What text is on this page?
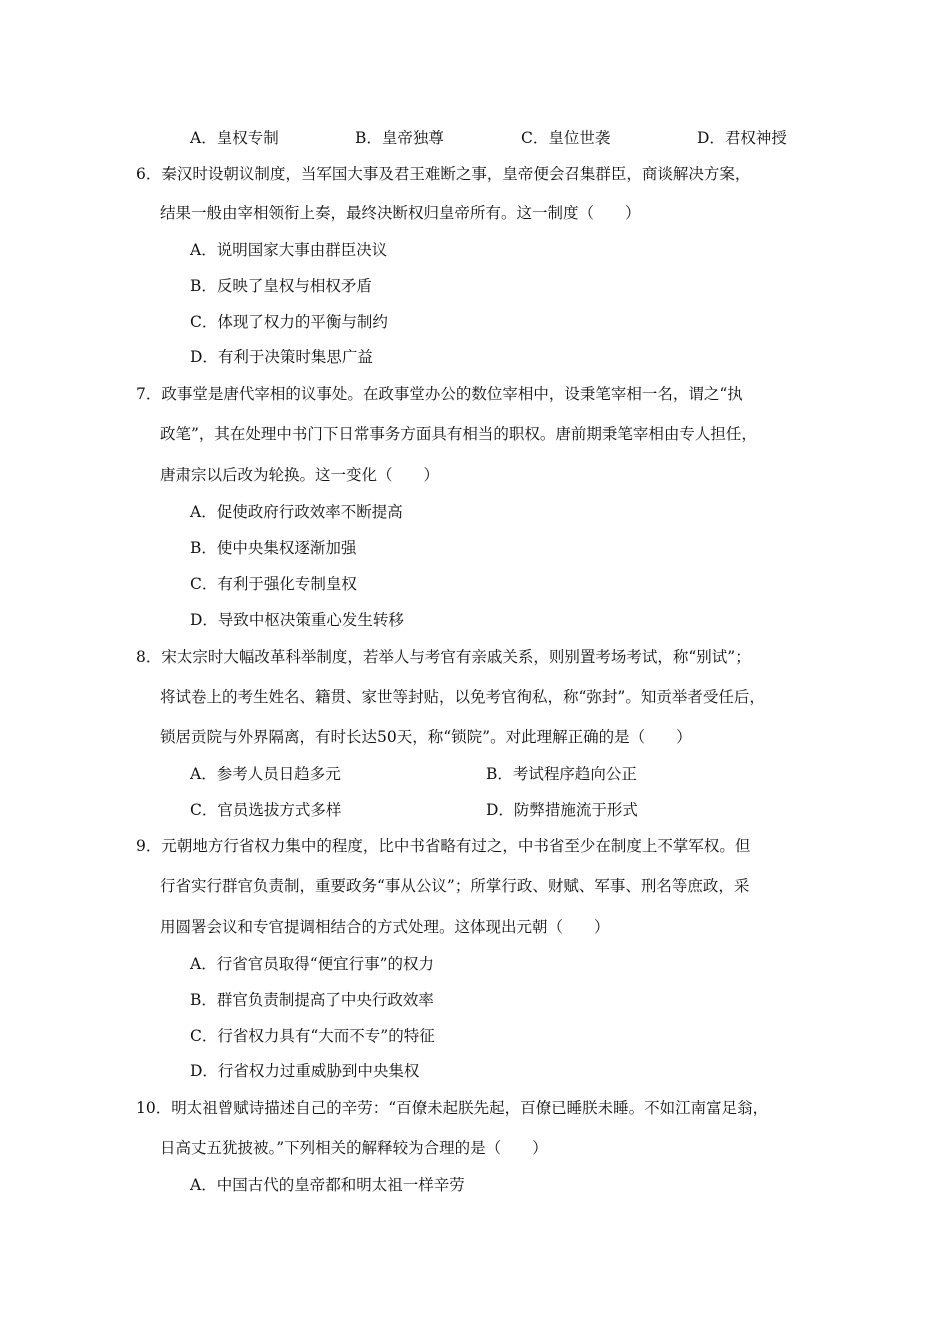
A．皇权专制	B．皇帝独尊	C．皇位世袭	D．君权神授
6．秦汉时设朝议制度，当军国大事及君王难断之事，皇帝便会召集群臣，商谈解决方案，
结果一般由宰相领衔上奏，最终决断权归皇帝所有。这一制度（　　）
A．说明国家大事由群臣决议
B．反映了皇权与相权矛盾
C．体现了权力的平衡与制约
D．有利于决策时集思广益
7．政事堂是唐代宰相的议事处。在政事堂办公的数位宰相中，设秉笔宰相一名，谓之“执
政笔”，其在处理中书门下日常事务方面具有相当的职权。唐前期秉笔宰相由专人担任，
唐肃宗以后改为轮换。这一变化（　　）
A．促使政府行政效率不断提高
B．使中央集权逐渐加强
C．有利于强化专制皇权
D．导致中枢决策重心发生转移
8．宋太宗时大幅改革科举制度，若举人与考官有亲戚关系，则别置考场考试，称“别试”；
将试卷上的考生姓名、籍贯、家世等封贴，以免考官徇私，称“弥封”。知贡举者受任后，
锁居贡院与外界隔离，有时长达50天，称“锁院”。对此理解正确的是（　　）
A．参考人员日趋多元	B．考试程序趋向公正
C．官员选拔方式多样	D．防弊措施流于形式
9．元朝地方行省权力集中的程度，比中书省略有过之，中书省至少在制度上不掌军权。但
行省实行群官负责制，重要政务“事从公议”；所掌行政、财赋、军事、刑名等庶政，采
用圆署会议和专官提调相结合的方式处理。这体现出元朝（　　）
A．行省官员取得“便宜行事”的权力
B．群官负责制提高了中央行政效率
C．行省权力具有“大而不专”的特征
D．行省权力过重威胁到中央集权
10．明太祖曾赋诗描述自己的辛劳：“百僚未起朕先起，百僚已睡朕未睡。不如江南富足翁，
日高丈五犹披被。”下列相关的解释较为合理的是（　　）
A．中国古代的皇帝都和明太祖一样辛劳
